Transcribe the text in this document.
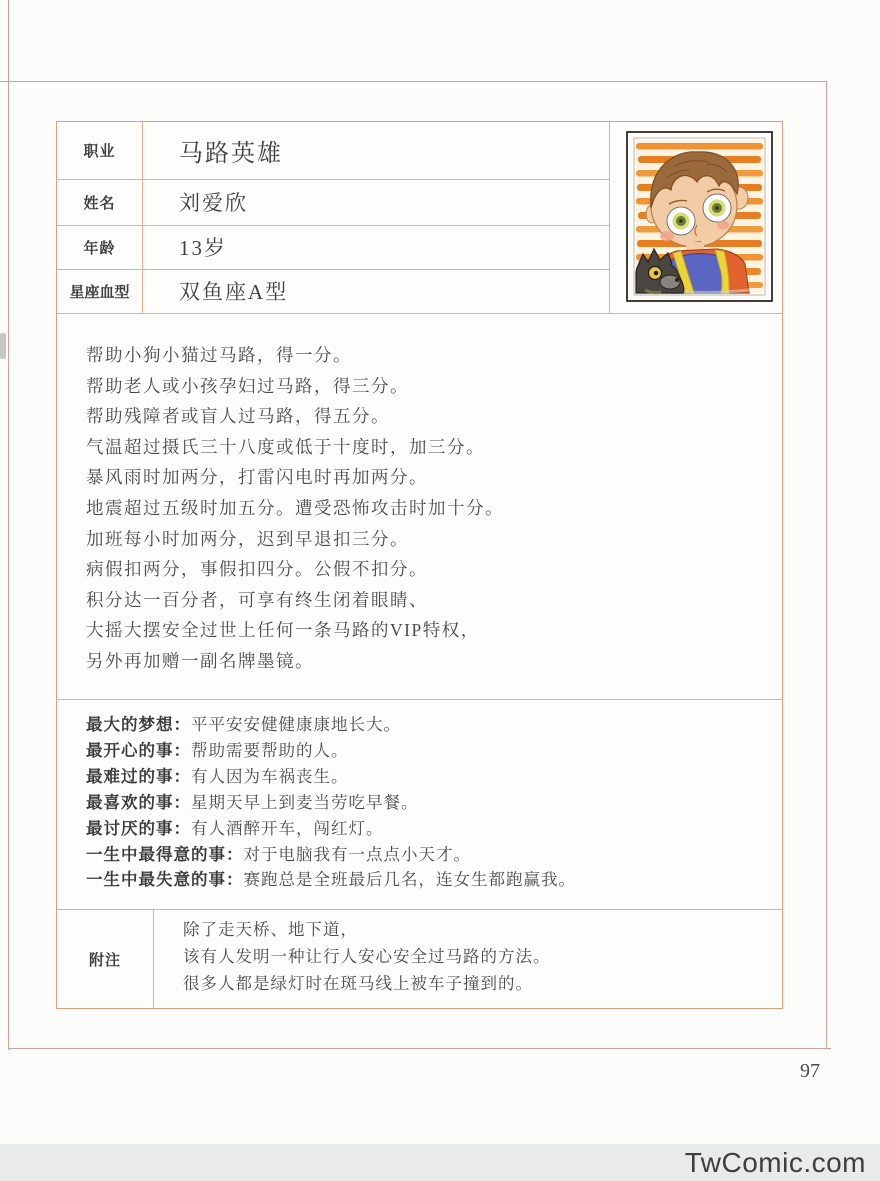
职业
姓名
年龄
星座血型
马路英雄
刘爱欣
13岁
双鱼座A型
帮助小狗小猫过马路，得一分。
帮助老人或小孩孕妇过马路，得三分。
帮助残障者或盲人过马路，得五分。
气温超过摄氏三十八度或低于十度时，加三分。
暴风雨时加两分，打雷闪电时再加两分。
地震超过五级时加五分。遭受恐怖攻击时加十分。
加班每小时加两分，迟到早退扣三分。
病假扣两分，事假扣四分。公假不扣分。
积分达一百分者，可享有终生闭着眼睛、
大摇大摆安全过世上任何一条马路的VIP特权，
另外再加赠一副名牌墨镜。
最大的梦想：平平安安健健康康地长大。
最开心的事：帮助需要帮助的人。
最难过的事：有人因为车祸丧生。
最喜欢的事：星期天早上到麦当劳吃早餐。
最讨厌的事：有人酒醉开车，闯红灯。
一生中最得意的事：对于电脑我有一点点小天才。
一生中最失意的事：赛跑总是全班最后几名，连女生都跑赢我。
附注
除了走天桥、地下道，
该有人发明一种让行人安心安全过马路的方法。
很多人都是绿灯时在斑马线上被车子撞到的。
97
TwComic.com
